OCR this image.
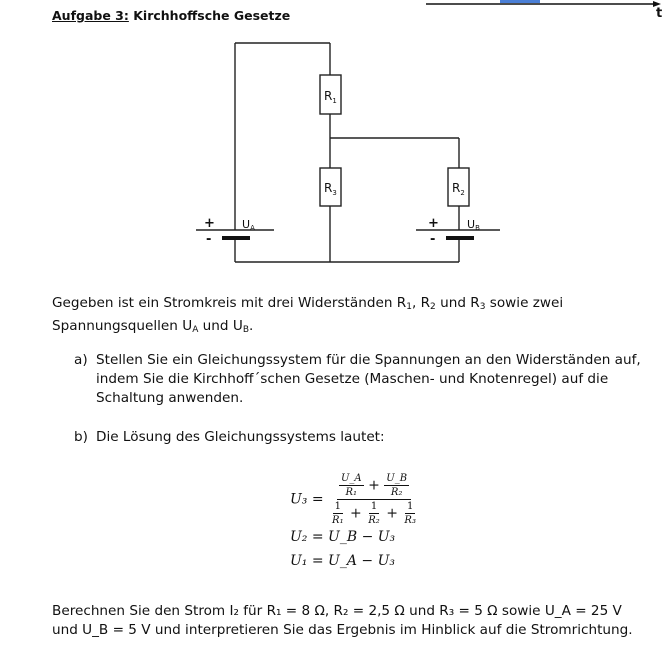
Aufgabe 3: Kirchhoffsche Gesetze	t
$R_1$
$R_3$	$R_2$
UA	UB
+
-
+
-
Gegeben ist ein Stromkreis mit drei Widerständen $R_1$, $R_2$ und $R_3$ sowie zwei Spannungsquellen $U_A$ und $U_B$.
a) Stellen Sie ein Gleichungssystem für die Spannungen an den Widerständen auf, indem Sie die Kirchhoff´schen Gesetze (Maschen- und Knotenregel) auf die Schaltung anwenden.
b) Die Lösung des Gleichungssystems lautet:
$U_3 = \frac{\frac{U\_A}{\text{R₁}} + \frac{U\_B}{\text{R₂}}}{\frac{1}{\text{R₁}} + \frac{1}{\text{R₂}} + \frac{1}{\text{R₃}}}$
U₂ = U_B − U₃
U₁ = U_A − U₃
Berechnen Sie den Strom I₂ für R₁ = 8 Ω, R₂ = 2,5 Ω und R₃ = 5 Ω sowie U_A = 25 V und U_B = 5 V und interpretieren Sie das Ergebnis im Hinblick auf die Stromrichtung.
